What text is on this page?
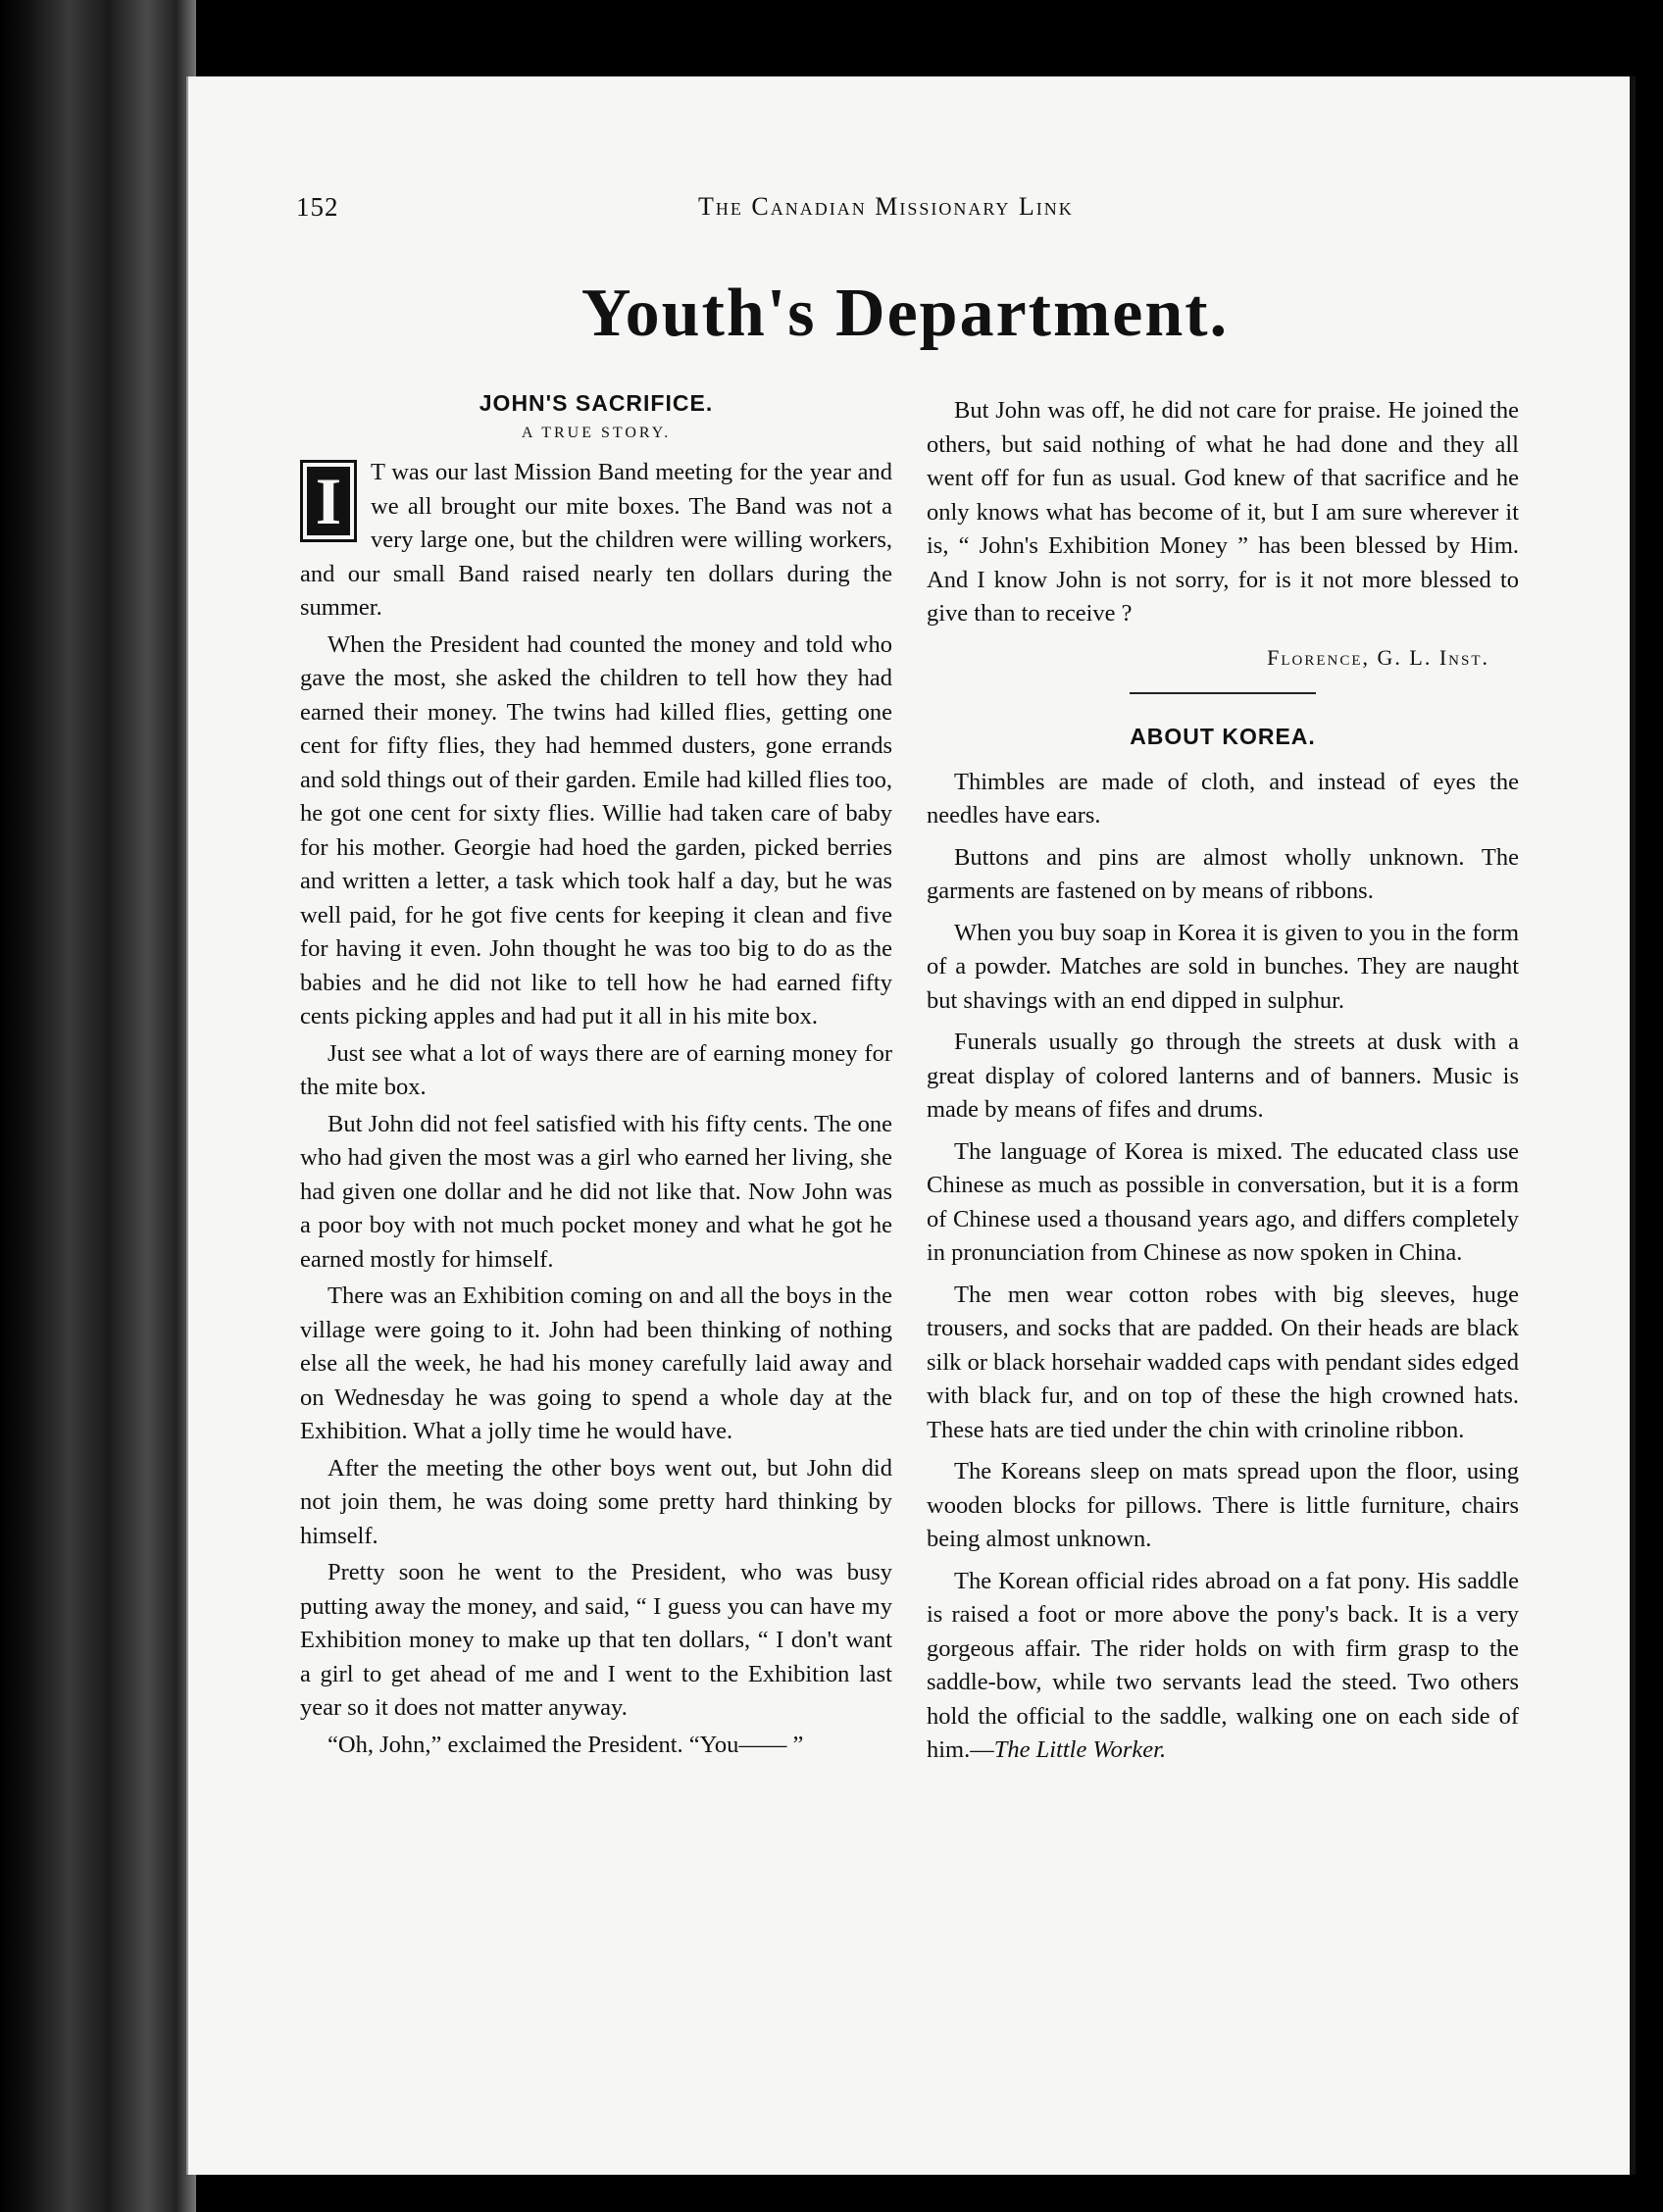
152	The Canadian Missionary Link
Youth's Department.
JOHN'S SACRIFICE.
A TRUE STORY.

I	T was our last Mission Band meeting for the year and we all brought our mite boxes. The Band was not a very large one, but the children were willing workers, and our small Band raised nearly ten dollars during the summer.

When the President had counted the money and told who gave the most, she asked the children to tell how they had earned their money. The twins had killed flies, getting one cent for fifty flies, they had hemmed dusters, gone errands and sold things out of their garden. Emile had killed flies too, he got one cent for sixty flies. Willie had taken care of baby for his mother. Georgie had hoed the garden, picked berries and written a letter, a task which took half a day, but he was well paid, for he got five cents for keeping it clean and five for having it even. John thought he was too big to do as the babies and he did not like to tell how he had earned fifty cents picking apples and had put it all in his mite box.

Just see what a lot of ways there are of earning money for the mite box.

But John did not feel satisfied with his fifty cents. The one who had given the most was a girl who earned her living, she had given one dollar and he did not like that. Now John was a poor boy with not much pocket money and what he got he earned mostly for himself.

There was an Exhibition coming on and all the boys in the village were going to it. John had been thinking of nothing else all the week, he had his money carefully laid away and on Wednesday he was going to spend a whole day at the Exhibition. What a jolly time he would have.

After the meeting the other boys went out, but John did not join them, he was doing some pretty hard thinking by himself.

Pretty soon he went to the President, who was busy putting away the money, and said, “ I guess you can have my Exhibition money to make up that ten dollars, “ I don't want a girl to get ahead of me and I went to the Exhibition last year so it does not matter anyway.

“Oh, John,” exclaimed the President. “You—— ”

But John was off, he did not care for praise. He joined the others, but said nothing of what he had done and they all went off for fun as usual. God knew of that sacrifice and he only knows what has become of it, but I am sure wherever it is, “ John's Exhibition Money ” has been blessed by Him. And I know John is not sorry, for is it not more blessed to give than to receive ?

Florence, G. L. Inst.
ABOUT KOREA.

Thimbles are made of cloth, and instead of eyes the needles have ears.

Buttons and pins are almost wholly unknown. The garments are fastened on by means of ribbons.

When you buy soap in Korea it is given to you in the form of a powder. Matches are sold in bunches. They are naught but shavings with an end dipped in sulphur.

Funerals usually go through the streets at dusk with a great display of colored lanterns and of banners. Music is made by means of fifes and drums.

The language of Korea is mixed. The educated class use Chinese as much as possible in conversation, but it is a form of Chinese used a thousand years ago, and differs completely in pronunciation from Chinese as now spoken in China.

The men wear cotton robes with big sleeves, huge trousers, and socks that are padded. On their heads are black silk or black horsehair wadded caps with pendant sides edged with black fur, and on top of these the high crowned hats. These hats are tied under the chin with crinoline ribbon.

The Koreans sleep on mats spread upon the floor, using wooden blocks for pillows. There is little furniture, chairs being almost unknown.

The Korean official rides abroad on a fat pony. His saddle is raised a foot or more above the pony's back. It is a very gorgeous affair. The rider holds on with firm grasp to the saddle-bow, while two servants lead the steed. Two others hold the official to the saddle, walking one on each side of him.—The Little Worker.
